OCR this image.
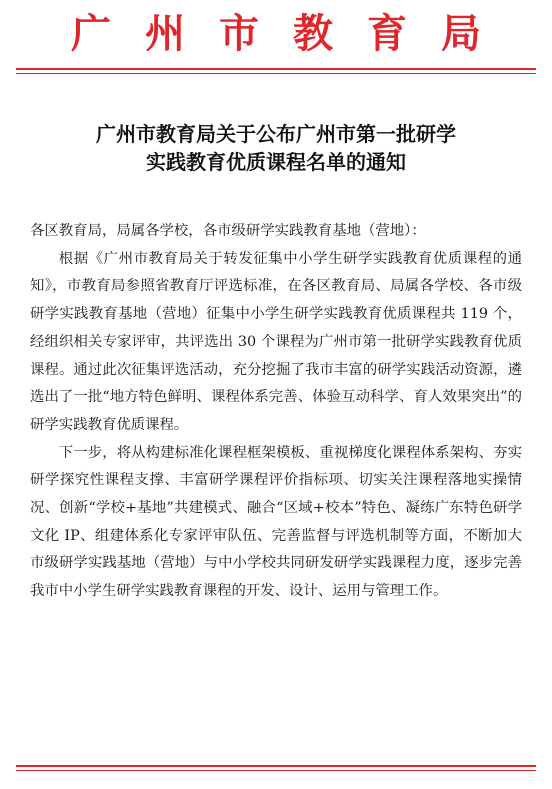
广州市教育局
广州市教育局关于公布广州市第一批研学
实践教育优质课程名单的通知

各区教育局，局属各学校，各市级研学实践教育基地（营地）：

根据《广州市教育局关于转发征集中小学生研学实践教育优质课程的通知》，市教育局参照省教育厅评选标准，在各区教育局、局属各学校、各市级研学实践教育基地（营地）征集中小学生研学实践教育优质课程共 119 个，经组织相关专家评审，共评选出 30 个课程为广州市第一批研学实践教育优质课程。通过此次征集评选活动，充分挖掘了我市丰富的研学实践活动资源，遴选出了一批“地方特色鲜明、课程体系完善、体验互动科学、育人效果突出”的研学实践教育优质课程。

下一步，将从构建标准化课程框架模板、重视梯度化课程体系架构、夯实研学探究性课程支撑、丰富研学课程评价指标项、切实关注课程落地实操情况、创新“学校+基地”共建模式、融合“区域+校本”特色、凝练广东特色研学文化 IP、组建体系化专家评审队伍、完善监督与评选机制等方面，不断加大市级研学实践基地（营地）与中小学校共同研发研学实践课程力度，逐步完善我市中小学生研学实践教育课程的开发、设计、运用与管理工作。
